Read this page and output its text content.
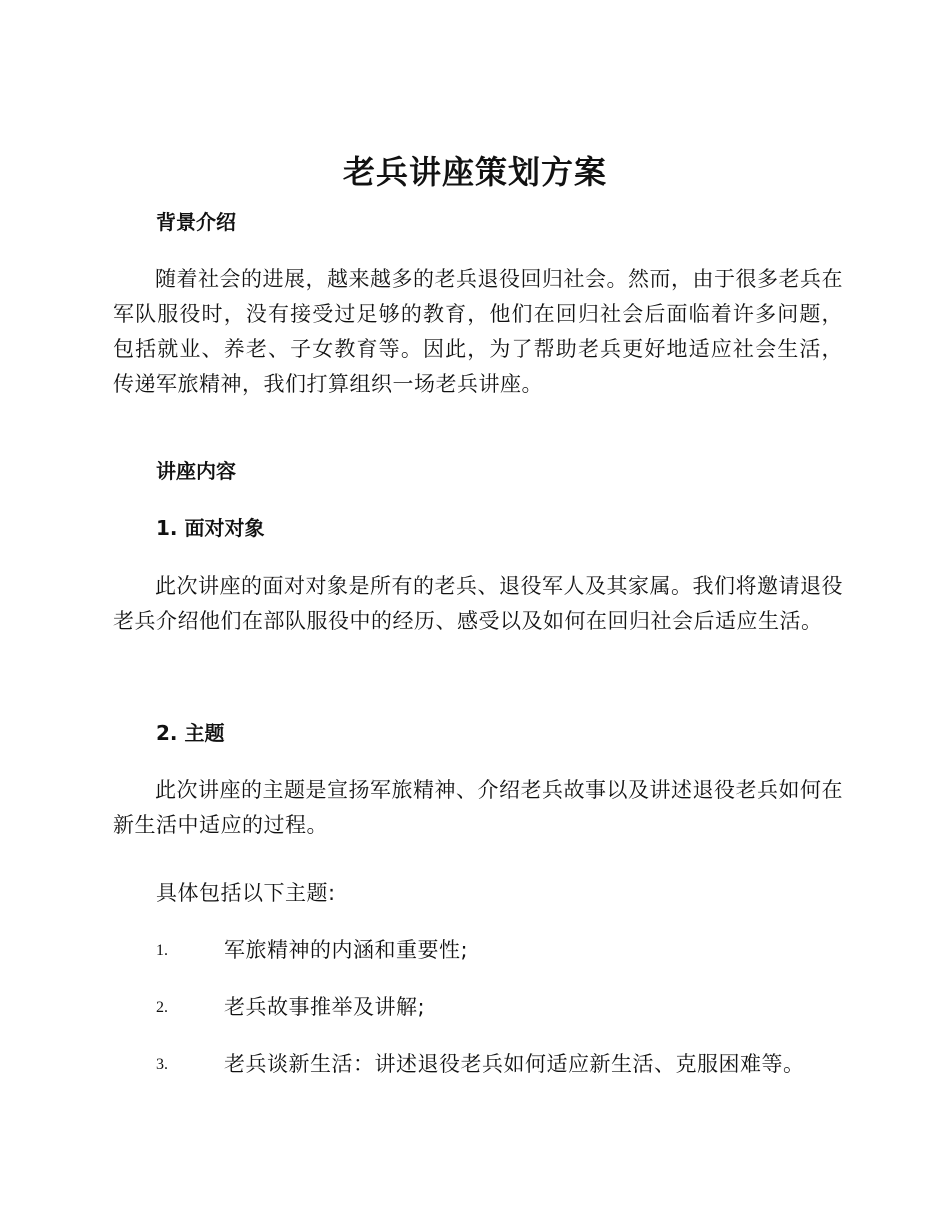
老兵讲座策划方案
背景介绍
随着社会的进展，越来越多的老兵退役回归社会。然而，由于很多老兵在军队服役时，没有接受过足够的教育，他们在回归社会后面临着许多问题，包括就业、养老、子女教育等。因此，为了帮助老兵更好地适应社会生活，传递军旅精神，我们打算组织一场老兵讲座。
讲座内容
1. 面对对象
此次讲座的面对对象是所有的老兵、退役军人及其家属。我们将邀请退役老兵介绍他们在部队服役中的经历、感受以及如何在回归社会后适应生活。
2. 主题
此次讲座的主题是宣扬军旅精神、介绍老兵故事以及讲述退役老兵如何在新生活中适应的过程。
具体包括以下主题:
1.	军旅精神的内涵和重要性;
2.	老兵故事推举及讲解;
3.	老兵谈新生活：讲述退役老兵如何适应新生活、克服困难等。
